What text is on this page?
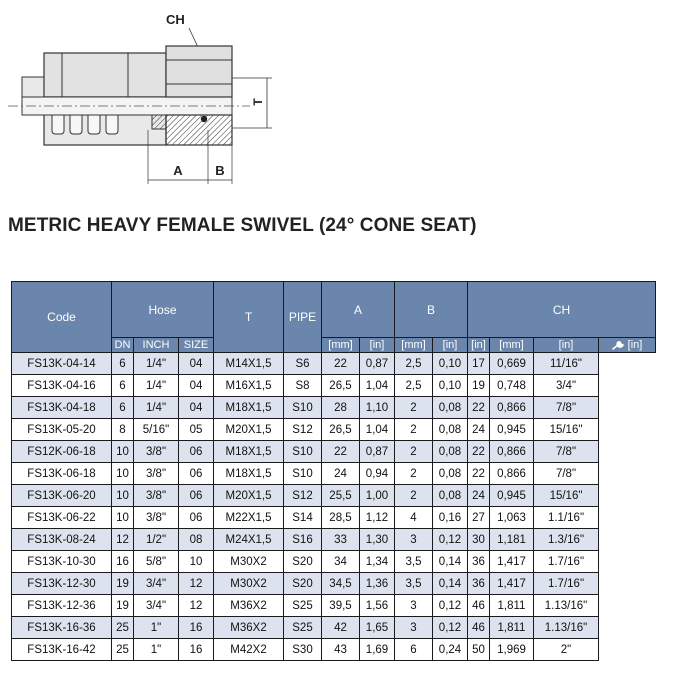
CH
T
A	B
METRIC HEAVY FEMALE SWIVEL (24° CONE SEAT)
Code	Hose			T	PIPE	A		B		CH			
	DN	INCH	SIZE			[mm]	[in]	[mm]	[in]	[in]	[mm]	[in]	[in]
FS13K-04-14	6	1/4"	04	M14X1,5	S6	22	0,87	2,5	0,10	17	0,669	11/16"	
FS13K-04-16	6	1/4"	04	M16X1,5	S8	26,5	1,04	2,5	0,10	19	0,748	3/4"	
FS13K-04-18	6	1/4"	04	M18X1,5	S10	28	1,10	2	0,08	22	0,866	7/8"	
FS13K-05-20	8	5/16"	05	M20X1,5	S12	26,5	1,04	2	0,08	24	0,945	15/16"	
FS12K-06-18	10	3/8"	06	M18X1,5	S10	22	0,87	2	0,08	22	0,866	7/8"	
FS13K-06-18	10	3/8"	06	M18X1,5	S10	24	0,94	2	0,08	22	0,866	7/8"	
FS13K-06-20	10	3/8"	06	M20X1,5	S12	25,5	1,00	2	0,08	24	0,945	15/16"	
FS13K-06-22	10	3/8"	06	M22X1,5	S14	28,5	1,12	4	0,16	27	1,063	1.1/16"	
FS13K-08-24	12	1/2"	08	M24X1,5	S16	33	1,30	3	0,12	30	1,181	1.3/16"	
FS13K-10-30	16	5/8"	10	M30X2	S20	34	1,34	3,5	0,14	36	1,417	1.7/16"	
FS13K-12-30	19	3/4"	12	M30X2	S20	34,5	1,36	3,5	0,14	36	1,417	1.7/16"	
FS13K-12-36	19	3/4"	12	M36X2	S25	39,5	1,56	3	0,12	46	1,811	1.13/16"	
FS13K-16-36	25	1"	16	M36X2	S25	42	1,65	3	0,12	46	1,811	1.13/16"	
FS13K-16-42	25	1"	16	M42X2	S30	43	1,69	6	0,24	50	1,969	2"	
